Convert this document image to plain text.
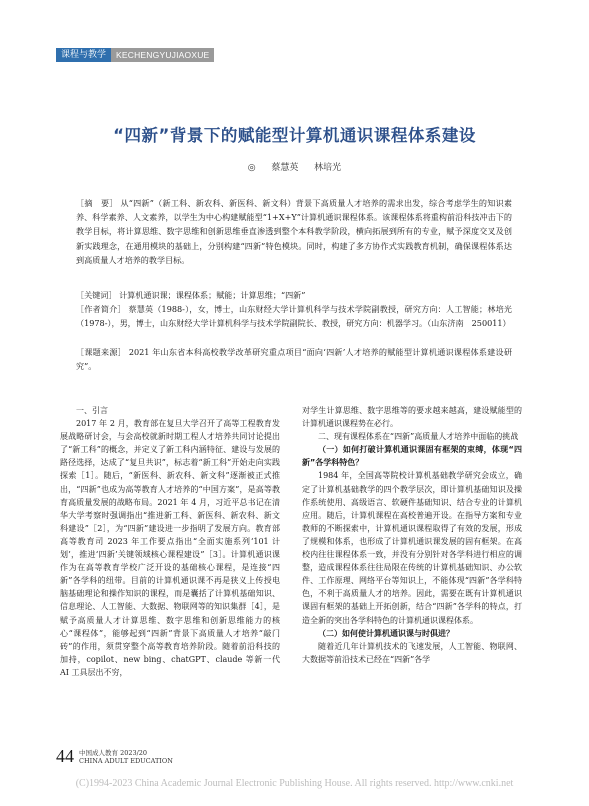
课程与教学	KECHENGYUJIAOXUE
“四新”背景下的赋能型计算机通识课程体系建设
◎ 蔡慧英 林培光
［摘　要］ 从“四新”（新工科、新农科、新医科、新文科）背景下高质量人才培养的需求出发，综合考虑学生的知识素养、科学素养、人文素养，以学生为中心构建赋能型“1+X+Y”计算机通识课程体系。该课程体系将重构前沿科技冲击下的教学目标，将计算思维、数字思维和创新思维垂直渗透到整个本科教学阶段，横向拓展到所有的专业，赋予深度交叉及创新实践理念，在通用模块的基础上，分别构建“四新”特色模块。同时，构建了多方协作式实践教育机制，确保课程体系达到高质量人才培养的教学目标。
［关键词］ 计算机通识课；课程体系；赋能；计算思维；“四新”
［作者简介］ 蔡慧英（1988-），女，博士，山东财经大学计算机科学与技术学院副教授，研究方向：人工智能；林培光（1978-），男，博士，山东财经大学计算机科学与技术学院副院长、教授，研究方向：机器学习。（山东济南　250011）
［课题来源］ 2021 年山东省本科高校教学改革研究重点项目“面向‘四新’人才培养的赋能型计算机通识课程体系建设研究”。

一、引言

2017 年 2 月，教育部在复旦大学召开了高等工程教育发展战略研讨会，与会高校就新时期工程人才培养共同讨论提出了“新工科”的概念，并定义了新工科内涵特征、建设与发展的路径选择，达成了“复旦共识”，标志着“新工科”开始走向实践探索［1］。随后，“新医科、新农科、新文科”逐渐被正式推出，“四新”也成为高等教育人才培养的“中国方案”，是高等教育高质量发展的战略布局。2021 年 4 月，习近平总书记在清华大学考察时强调指出“推进新工科、新医科、新农科、新文科建设”［2］，为“四新”建设进一步指明了发展方向。教育部高等教育司 2023 年工作要点指出“全面实施系列‘101 计划’，推进‘四新’关键领域核心课程建设”［3］。计算机通识课作为在高等教育学校广泛开设的基础核心课程，是连接“四新”各学科的纽带。目前的计算机通识课不再是狭义上传授电脑基础理论和操作知识的课程，而是囊括了计算机基础知识、信息理论、人工智能、大数据、物联网等的知识集群［4］，是赋予高质量人才计算思维、数字思维和创新思维能力的核心“课程体”，能够起到“四新”背景下高质量人才培养“敲门砖”的作用，须贯穿整个高等教育培养阶段。随着前沿科技的加持，copilot、new bing、chatGPT、claude 等新一代 AI 工具层出不穷，

对学生计算思维、数字思维等的要求越来越高，建设赋能型的计算机通识课程势在必行。

二、现有课程体系在“四新”高质量人才培养中面临的挑战

（一）如何打破计算机通识课固有框架的束缚，体现“四新”各学科特色？

1984 年，全国高等院校计算机基础教学研究会成立，确定了计算机基础教学的四个教学层次，即计算机基础知识及操作系统使用、高级语言、软硬件基础知识、结合专业的计算机应用。随后，计算机课程在高校普遍开设。在指导方案和专业教师的不断探索中，计算机通识课程取得了有效的发展，形成了规模和体系，也形成了计算机通识课发展的固有框架。在高校内往往课程体系一致，并没有分别针对各学科进行相应的调整，造成课程体系往往局限在传统的计算机基础知识、办公软件、工作原理、网络平台等知识上，不能体现“四新”各学科特色，不利于高质量人才的培养。因此，需要在既有计算机通识课固有框架的基础上开拓创新，结合“四新”各学科的特点，打造全新的突出各学科特色的计算机通识课程体系。

（二）如何使计算机通识课与时俱进？

随着近几年计算机技术的飞速发展，人工智能、物联网、大数据等前沿技术已经在“四新”各学

44 中国成人教育 2023/20
CHINA ADULT EDUCATION
(C)1994-2023 China Academic Journal Electronic Publishing House. All rights reserved. http://www.cnki.net
